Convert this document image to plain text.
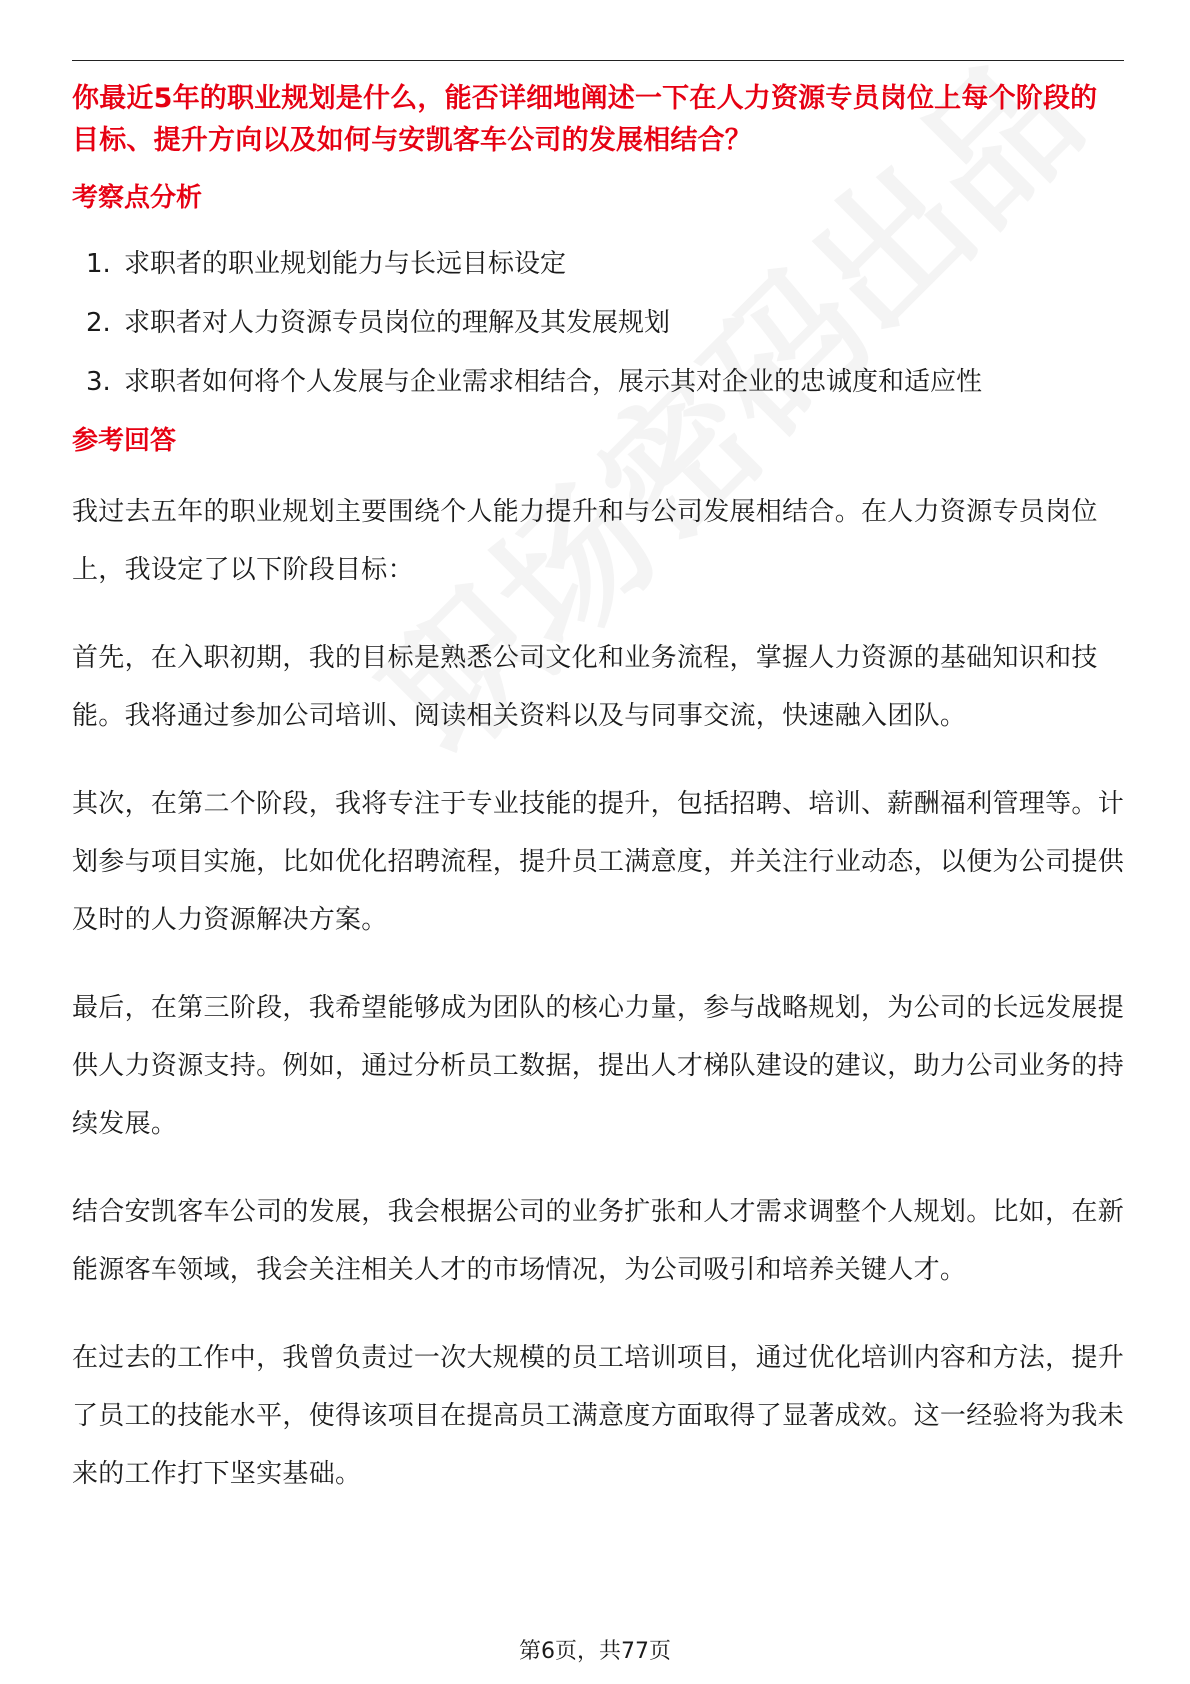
你最近5年的职业规划是什么，能否详细地阐述一下在人力资源专员岗位上每个阶段的目标、提升方向以及如何与安凯客车公司的发展相结合？

考察点分析
1. 求职者的职业规划能力与长远目标设定
2. 求职者对人力资源专员岗位的理解及其发展规划
3. 求职者如何将个人发展与企业需求相结合，展示其对企业的忠诚度和适应性
参考回答

我过去五年的职业规划主要围绕个人能力提升和与公司发展相结合。在人力资源专员岗位上，我设定了以下阶段目标：

首先，在入职初期，我的目标是熟悉公司文化和业务流程，掌握人力资源的基础知识和技能。我将通过参加公司培训、阅读相关资料以及与同事交流，快速融入团队。

其次，在第二个阶段，我将专注于专业技能的提升，包括招聘、培训、薪酬福利管理等。计划参与项目实施，比如优化招聘流程，提升员工满意度，并关注行业动态，以便为公司提供及时的人力资源解决方案。

最后，在第三阶段，我希望能够成为团队的核心力量，参与战略规划，为公司的长远发展提供人力资源支持。例如，通过分析员工数据，提出人才梯队建设的建议，助力公司业务的持续发展。

结合安凯客车公司的发展，我会根据公司的业务扩张和人才需求调整个人规划。比如，在新能源客车领域，我会关注相关人才的市场情况，为公司吸引和培养关键人才。

在过去的工作中，我曾负责过一次大规模的员工培训项目，通过优化培训内容和方法，提升了员工的技能水平，使得该项目在提高员工满意度方面取得了显著成效。这一经验将为我未来的工作打下坚实基础。

第6页，共77页
